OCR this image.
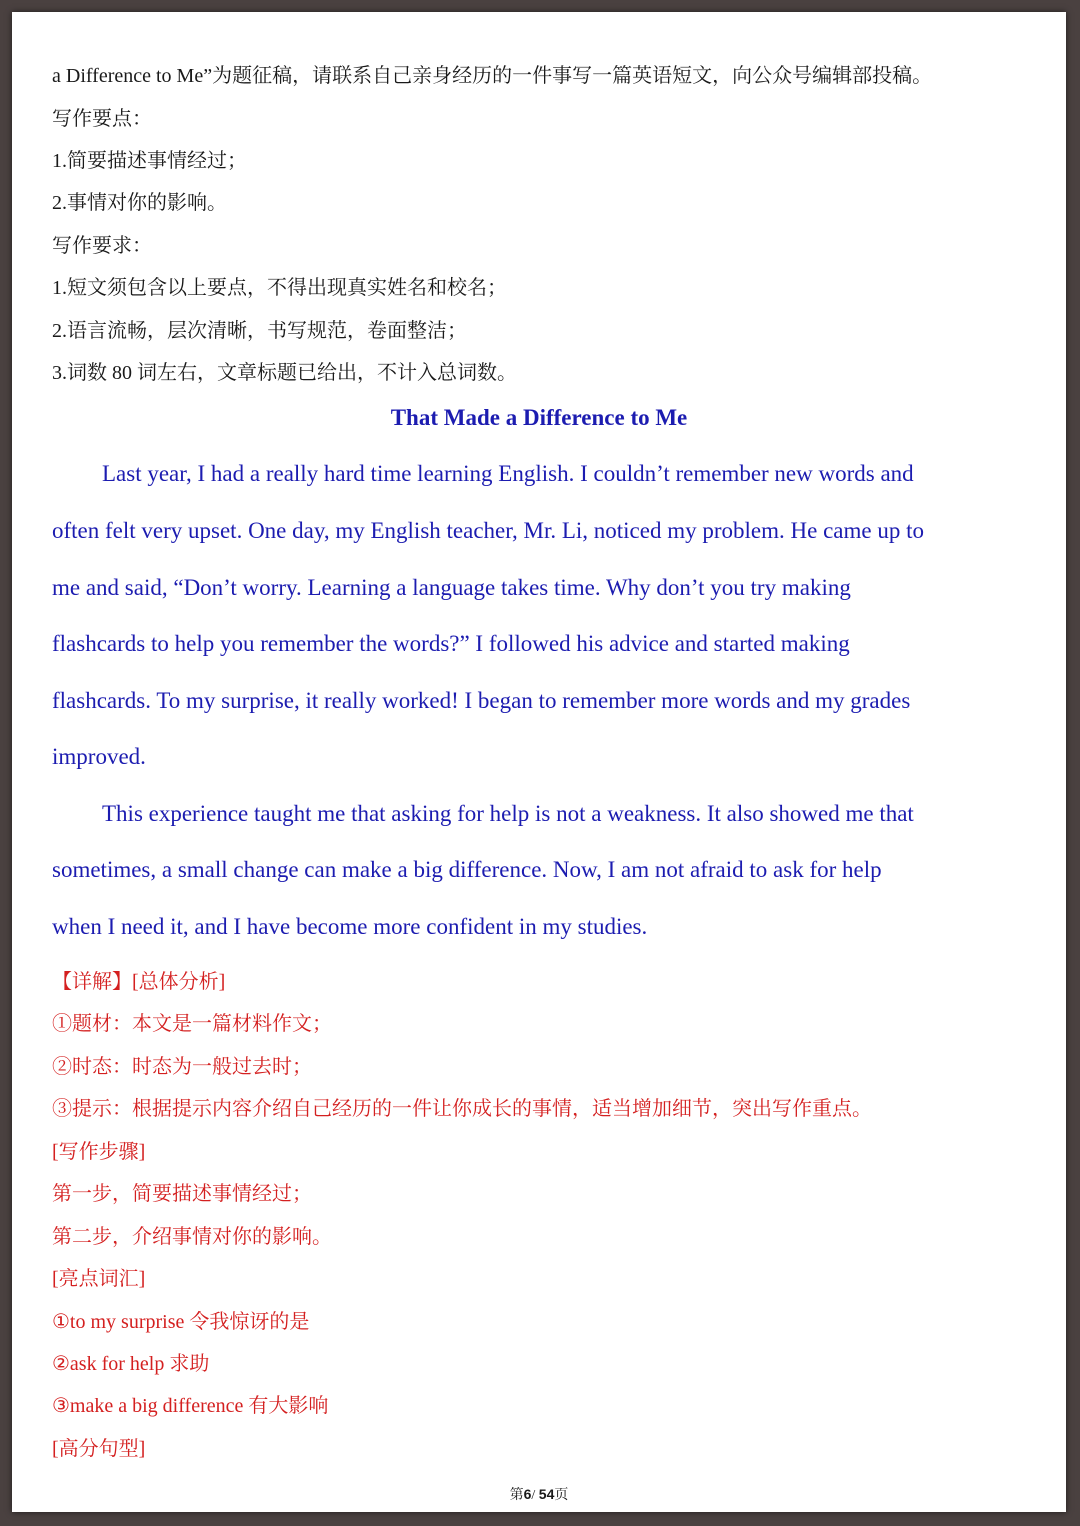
a Difference to Me”为题征稿，请联系自己亲身经历的一件事写一篇英语短文，向公众号编辑部投稿。
写作要点：
1.简要描述事情经过；
2.事情对你的影响。
写作要求：
1.短文须包含以上要点，不得出现真实姓名和校名；
2.语言流畅，层次清晰，书写规范，卷面整洁；
3.词数 80 词左右，文章标题已给出，不计入总词数。
That Made a Difference to Me
Last year, I had a really hard time learning English. I couldn’t remember new words and
often felt very upset. One day, my English teacher, Mr. Li, noticed my problem. He came up to
me and said, “Don’t worry. Learning a language takes time. Why don’t you try making
flashcards to help you remember the words?” I followed his advice and started making
flashcards. To my surprise, it really worked! I began to remember more words and my grades
improved.
This experience taught me that asking for help is not a weakness. It also showed me that
sometimes, a small change can make a big difference. Now, I am not afraid to ask for help
when I need it, and I have become more confident in my studies.
【详解】[总体分析]
①题材：本文是一篇材料作文；
②时态：时态为一般过去时；
③提示：根据提示内容介绍自己经历的一件让你成长的事情，适当增加细节，突出写作重点。
[写作步骤]
第一步，简要描述事情经过；
第二步，介绍事情对你的影响。
[亮点词汇]
①to my surprise 令我惊讶的是
②ask for help 求助
③make a big difference 有大影响
[高分句型]
第6/ 54页
